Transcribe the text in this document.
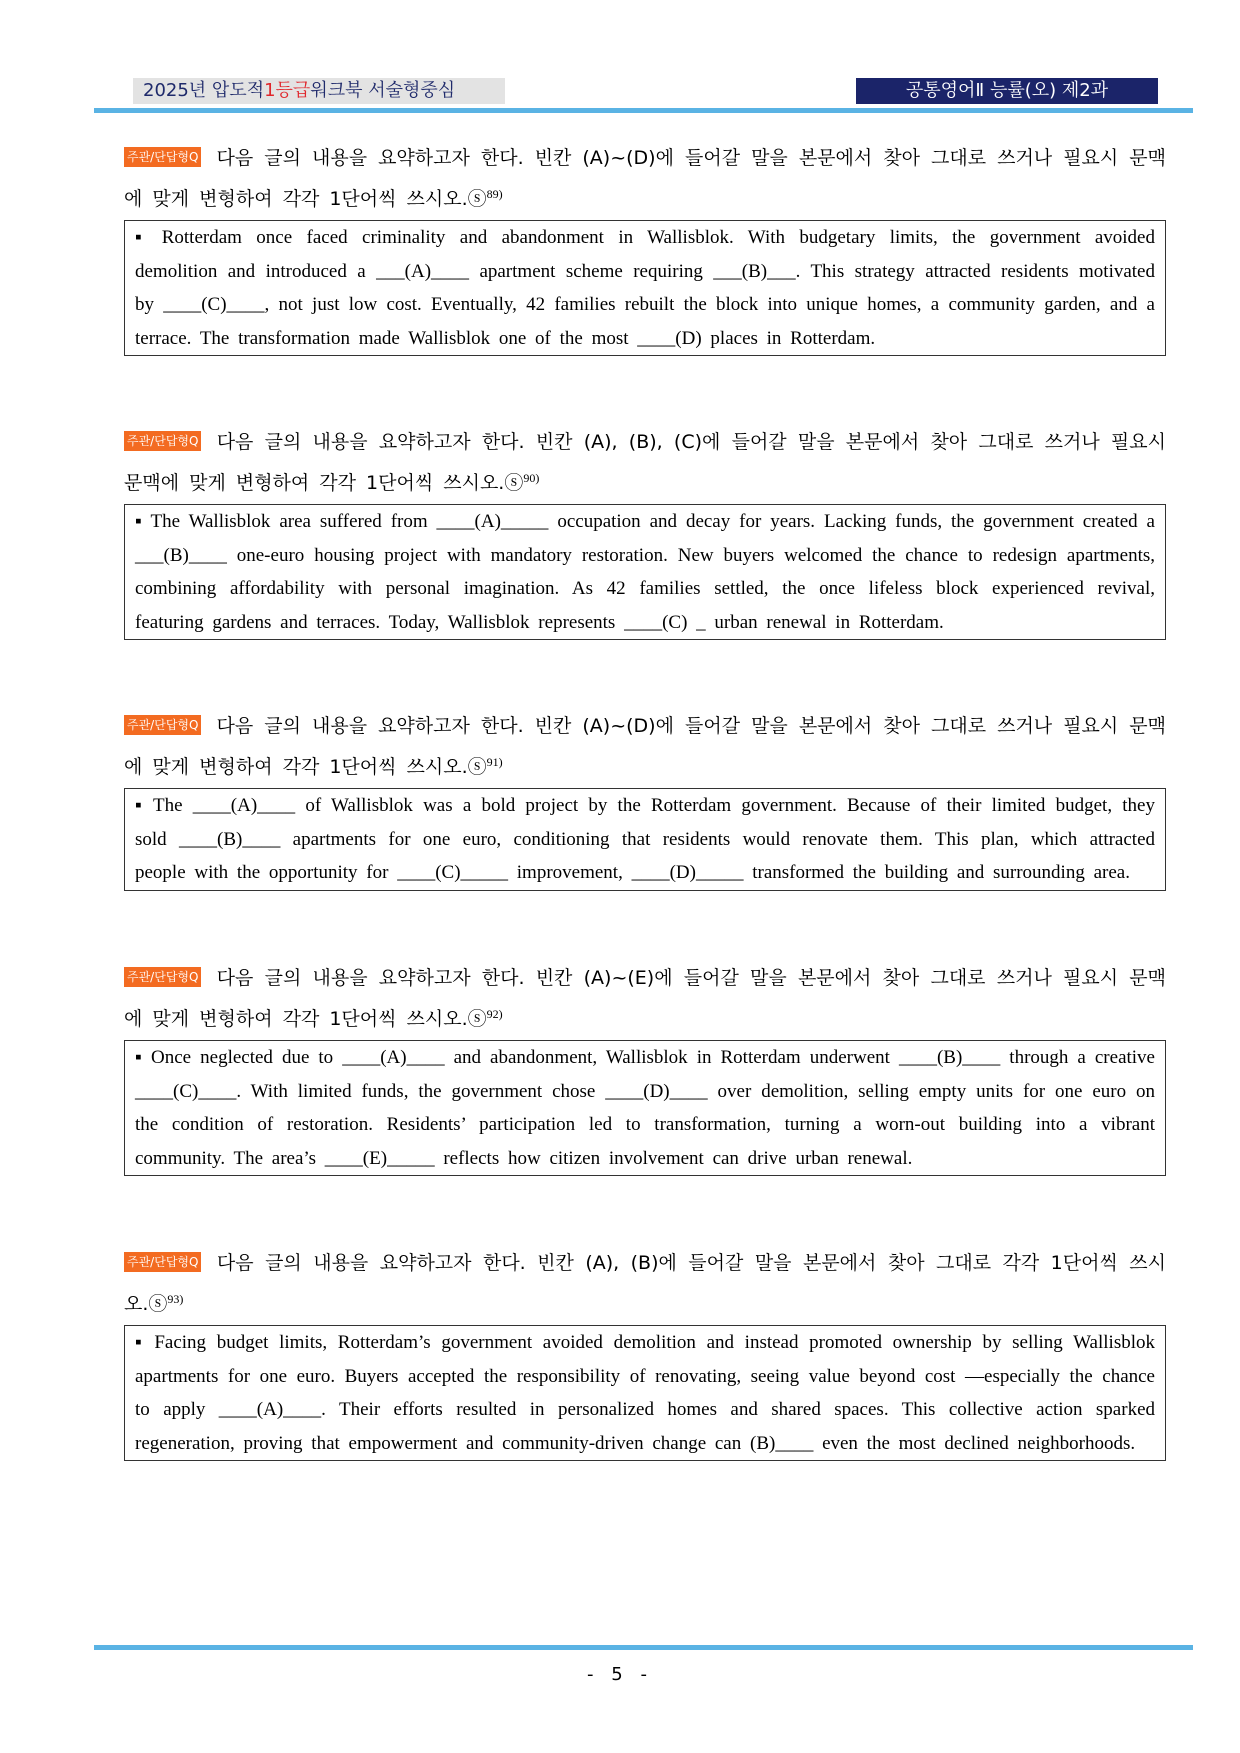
2025년 압도적1등급워크북 서술형중심	공통영어Ⅱ 능률(오) 제2과
주관/단답형Q 다음 글의 내용을 요약하고자 한다. 빈칸 (A)~(D)에 들어갈 말을 본문에서 찾아 그대로 쓰거나 필요시 문맥에 맞게 변형하여 각각 1단어씩 쓰시오.ⓢ$^{89)}$
▪ Rotterdam once faced criminality and abandonment in Wallisblok. With budgetary limits, the government avoided demolition and introduced a ___(A)____ apartment scheme requiring ___(B)___. This strategy attracted residents motivated by ____(C)____, not just low cost. Eventually, 42 families rebuilt the block into unique homes, a community garden, and a terrace. The transformation made Wallisblok one of the most ____(D) places in Rotterdam.
주관/단답형Q 다음 글의 내용을 요약하고자 한다. 빈칸 (A), (B), (C)에 들어갈 말을 본문에서 찾아 그대로 쓰거나 필요시 문맥에 맞게 변형하여 각각 1단어씩 쓰시오.ⓢ$^{90)}$
▪ The Wallisblok area suffered from ____(A)_____ occupation and decay for years. Lacking funds, the government created a ___(B)____ one-euro housing project with mandatory restoration. New buyers welcomed the chance to redesign apartments, combining affordability with personal imagination. As 42 families settled, the once lifeless block experienced revival, featuring gardens and terraces. Today, Wallisblok represents ____(C) _ urban renewal in Rotterdam.
주관/단답형Q 다음 글의 내용을 요약하고자 한다. 빈칸 (A)~(D)에 들어갈 말을 본문에서 찾아 그대로 쓰거나 필요시 문맥에 맞게 변형하여 각각 1단어씩 쓰시오.ⓢ$^{91)}$
▪ The ____(A)____ of Wallisblok was a bold project by the Rotterdam government. Because of their limited budget, they sold ____(B)____ apartments for one euro, conditioning that residents would renovate them. This plan, which attracted people with the opportunity for ____(C)_____ improvement, ____(D)_____ transformed the building and surrounding area.
주관/단답형Q 다음 글의 내용을 요약하고자 한다. 빈칸 (A)~(E)에 들어갈 말을 본문에서 찾아 그대로 쓰거나 필요시 문맥에 맞게 변형하여 각각 1단어씩 쓰시오.ⓢ$^{92)}$
▪ Once neglected due to ____(A)____ and abandonment, Wallisblok in Rotterdam underwent ____(B)____ through a creative ____(C)____. With limited funds, the government chose ____(D)____ over demolition, selling empty units for one euro on the condition of restoration. Residents’ participation led to transformation, turning a worn-out building into a vibrant community. The area’s ____(E)_____ reflects how citizen involvement can drive urban renewal.
주관/단답형Q 다음 글의 내용을 요약하고자 한다. 빈칸 (A), (B)에 들어갈 말을 본문에서 찾아 그대로 각각 1단어씩 쓰시오.ⓢ$^{93)}$
▪ Facing budget limits, Rotterdam’s government avoided demolition and instead promoted ownership by selling Wallisblok apartments for one euro. Buyers accepted the responsibility of renovating, seeing value beyond cost ―especially the chance to apply ____(A)____. Their efforts resulted in personalized homes and shared spaces. This collective action sparked regeneration, proving that empowerment and community-driven change can (B)____ even the most declined neighborhoods.
- 5 -
